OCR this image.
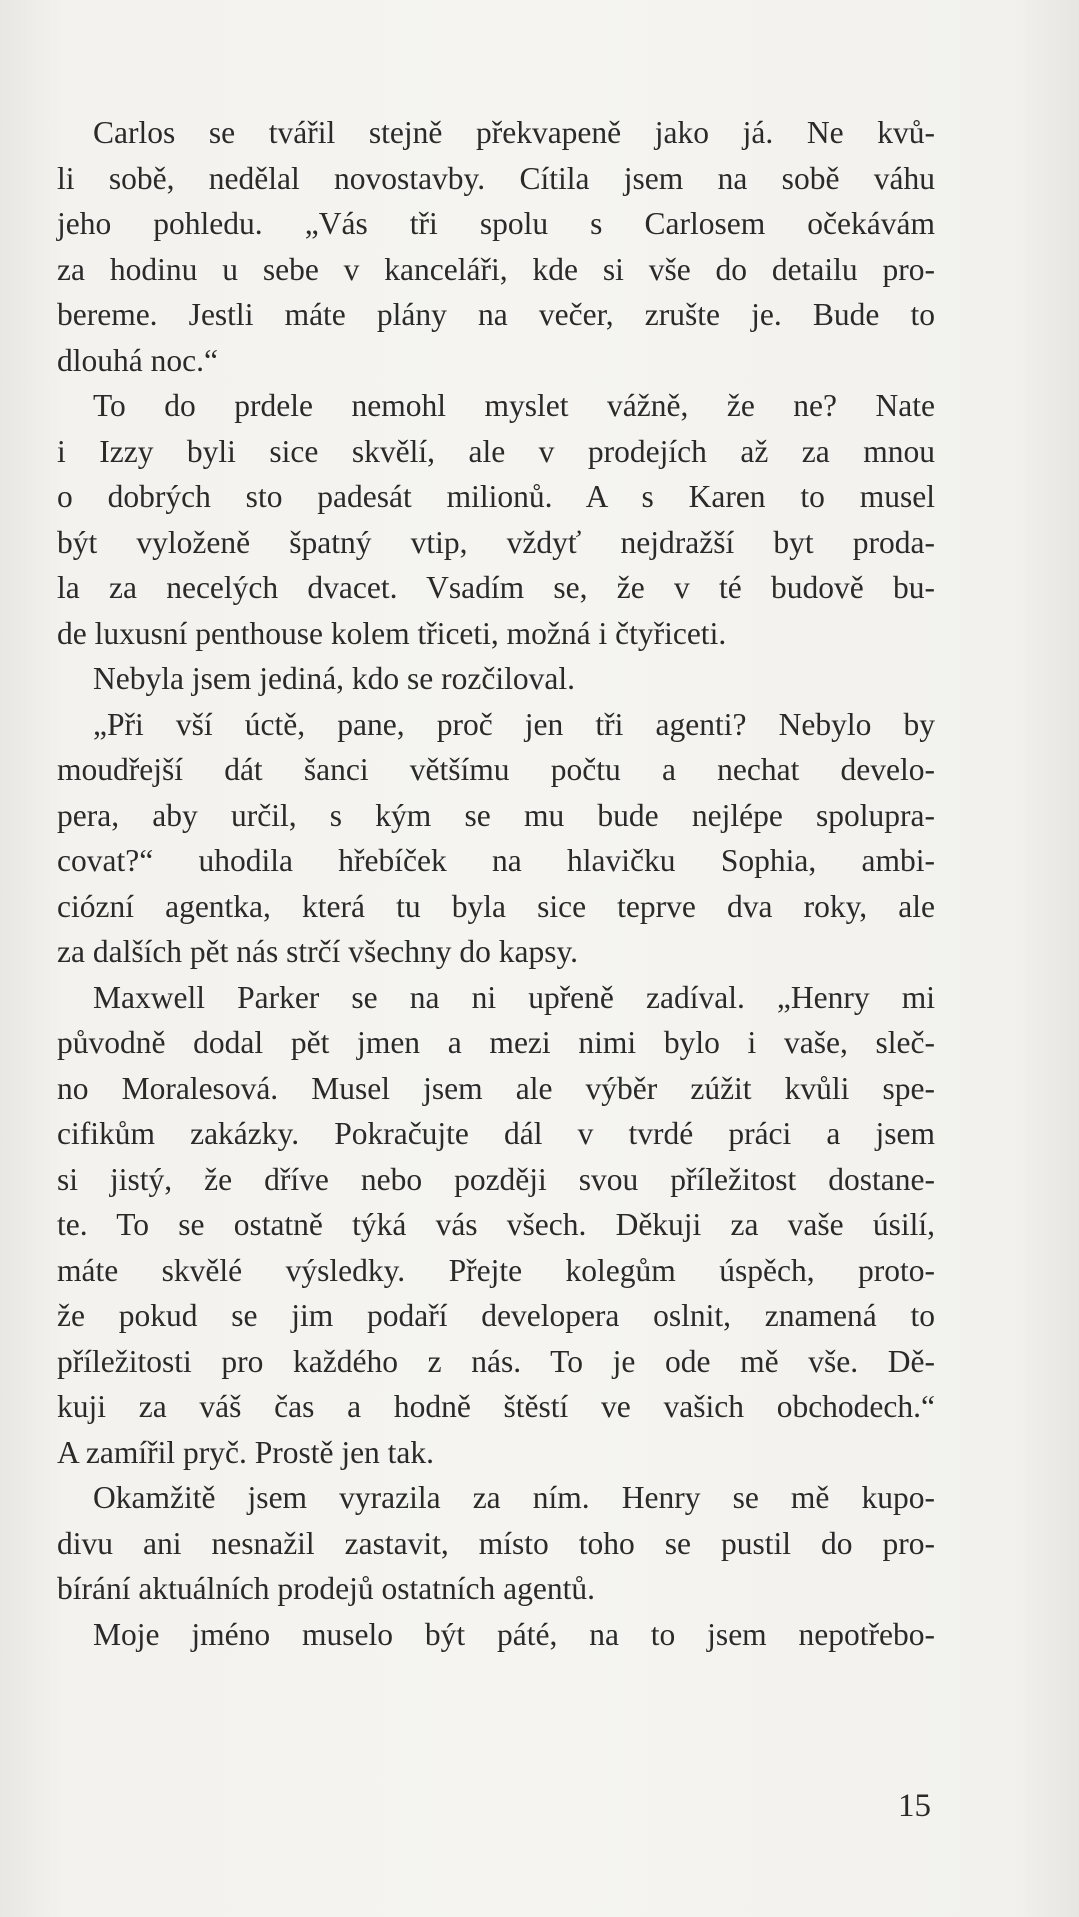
Carlos se tvářil stejně překvapeně jako já. Ne kvů-
li sobě, nedělal novostavby. Cítila jsem na sobě váhu
jeho pohledu. „Vás tři spolu s Carlosem očekávám
za hodinu u sebe v kanceláři, kde si vše do detailu pro-
bereme. Jestli máte plány na večer, zrušte je. Bude to
dlouhá noc.“
To do prdele nemohl myslet vážně, že ne? Nate
i Izzy byli sice skvělí, ale v prodejích až za mnou
o dobrých sto padesát milionů. A s Karen to musel
být vyloženě špatný vtip, vždyť nejdražší byt proda-
la za necelých dvacet. Vsadím se, že v té budově bu-
de luxusní penthouse kolem třiceti, možná i čtyřiceti.
Nebyla jsem jediná, kdo se rozčiloval.
„Při vší úctě, pane, proč jen tři agenti? Nebylo by
moudřejší dát šanci většímu počtu a nechat develo-
pera, aby určil, s kým se mu bude nejlépe spolupra-
covat?“ uhodila hřebíček na hlavičku Sophia, ambi-
ciózní agentka, která tu byla sice teprve dva roky, ale
za dalších pět nás strčí všechny do kapsy.
Maxwell Parker se na ni upřeně zadíval. „Henry mi
původně dodal pět jmen a mezi nimi bylo i vaše, sleč-
no Moralesová. Musel jsem ale výběr zúžit kvůli spe-
cifikům zakázky. Pokračujte dál v tvrdé práci a jsem
si jistý, že dříve nebo později svou příležitost dostane-
te. To se ostatně týká vás všech. Děkuji za vaše úsilí,
máte skvělé výsledky. Přejte kolegům úspěch, proto-
že pokud se jim podaří developera oslnit, znamená to
příležitosti pro každého z nás. To je ode mě vše. Dě-
kuji za váš čas a hodně štěstí ve vašich obchodech.“
A zamířil pryč. Prostě jen tak.
Okamžitě jsem vyrazila za ním. Henry se mě kupo-
divu ani nesnažil zastavit, místo toho se pustil do pro-
bírání aktuálních prodejů ostatních agentů.
Moje jméno muselo být páté, na to jsem nepotřebo-
15
